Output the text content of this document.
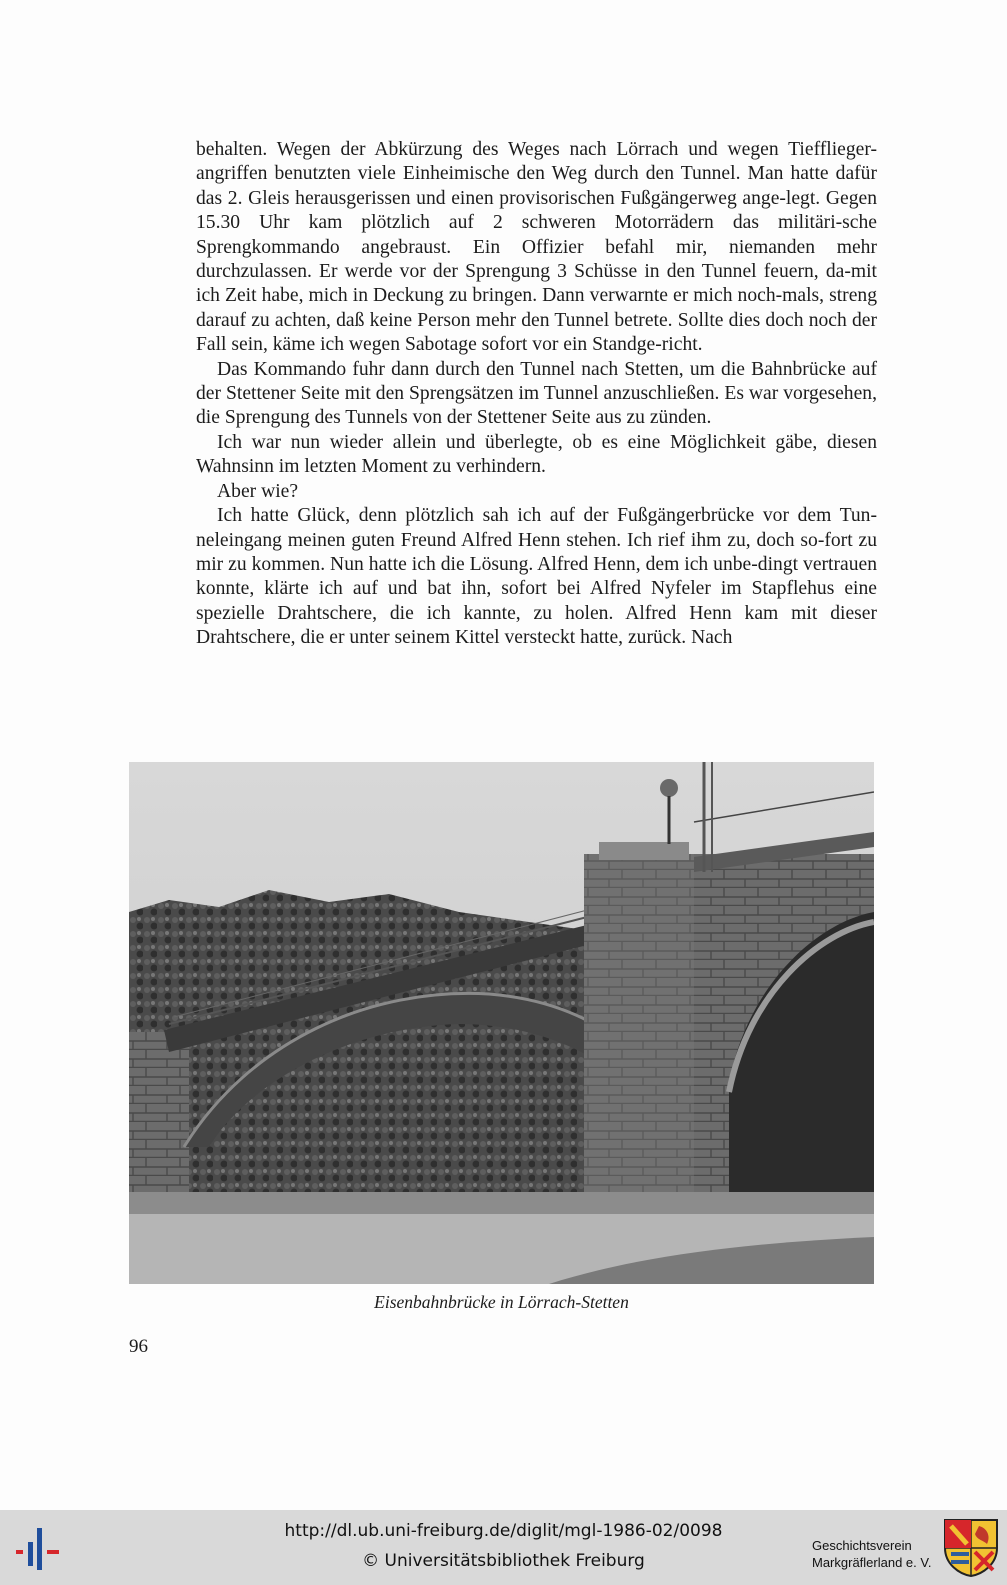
behalten. Wegen der Abkürzung des Weges nach Lörrach und wegen Tiefflieger-angriffen benutzten viele Einheimische den Weg durch den Tunnel. Man hatte dafür das 2. Gleis herausgerissen und einen provisorischen Fußgängerweg ange-legt. Gegen 15.30 Uhr kam plötzlich auf 2 schweren Motorrädern das militäri-sche Sprengkommando angebraust. Ein Offizier befahl mir, niemanden mehr durchzulassen. Er werde vor der Sprengung 3 Schüsse in den Tunnel feuern, da-mit ich Zeit habe, mich in Deckung zu bringen. Dann verwarnte er mich noch-mals, streng darauf zu achten, daß keine Person mehr den Tunnel betrete. Sollte dies doch noch der Fall sein, käme ich wegen Sabotage sofort vor ein Standge-richt.

Das Kommando fuhr dann durch den Tunnel nach Stetten, um die Bahnbrücke auf der Stettener Seite mit den Sprengsätzen im Tunnel anzuschließen. Es war vorgesehen, die Sprengung des Tunnels von der Stettener Seite aus zu zünden.

Ich war nun wieder allein und überlegte, ob es eine Möglichkeit gäbe, diesen Wahnsinn im letzten Moment zu verhindern.

Aber wie?

Ich hatte Glück, denn plötzlich sah ich auf der Fußgängerbrücke vor dem Tun-neleingang meinen guten Freund Alfred Henn stehen. Ich rief ihm zu, doch so-fort zu mir zu kommen. Nun hatte ich die Lösung. Alfred Henn, dem ich unbe-dingt vertrauen konnte, klärte ich auf und bat ihn, sofort bei Alfred Nyfeler im Stapflehus eine spezielle Drahtschere, die ich kannte, zu holen. Alfred Henn kam mit dieser Drahtschere, die er unter seinem Kittel versteckt hatte, zurück. Nach

Eisenbahnbrücke in Lörrach-Stetten
96
http://dl.ub.uni-freiburg.de/diglit/mgl-1986-02/0098
© Universitätsbibliothek Freiburg
Geschichtsverein
Markgräflerland e. V.
